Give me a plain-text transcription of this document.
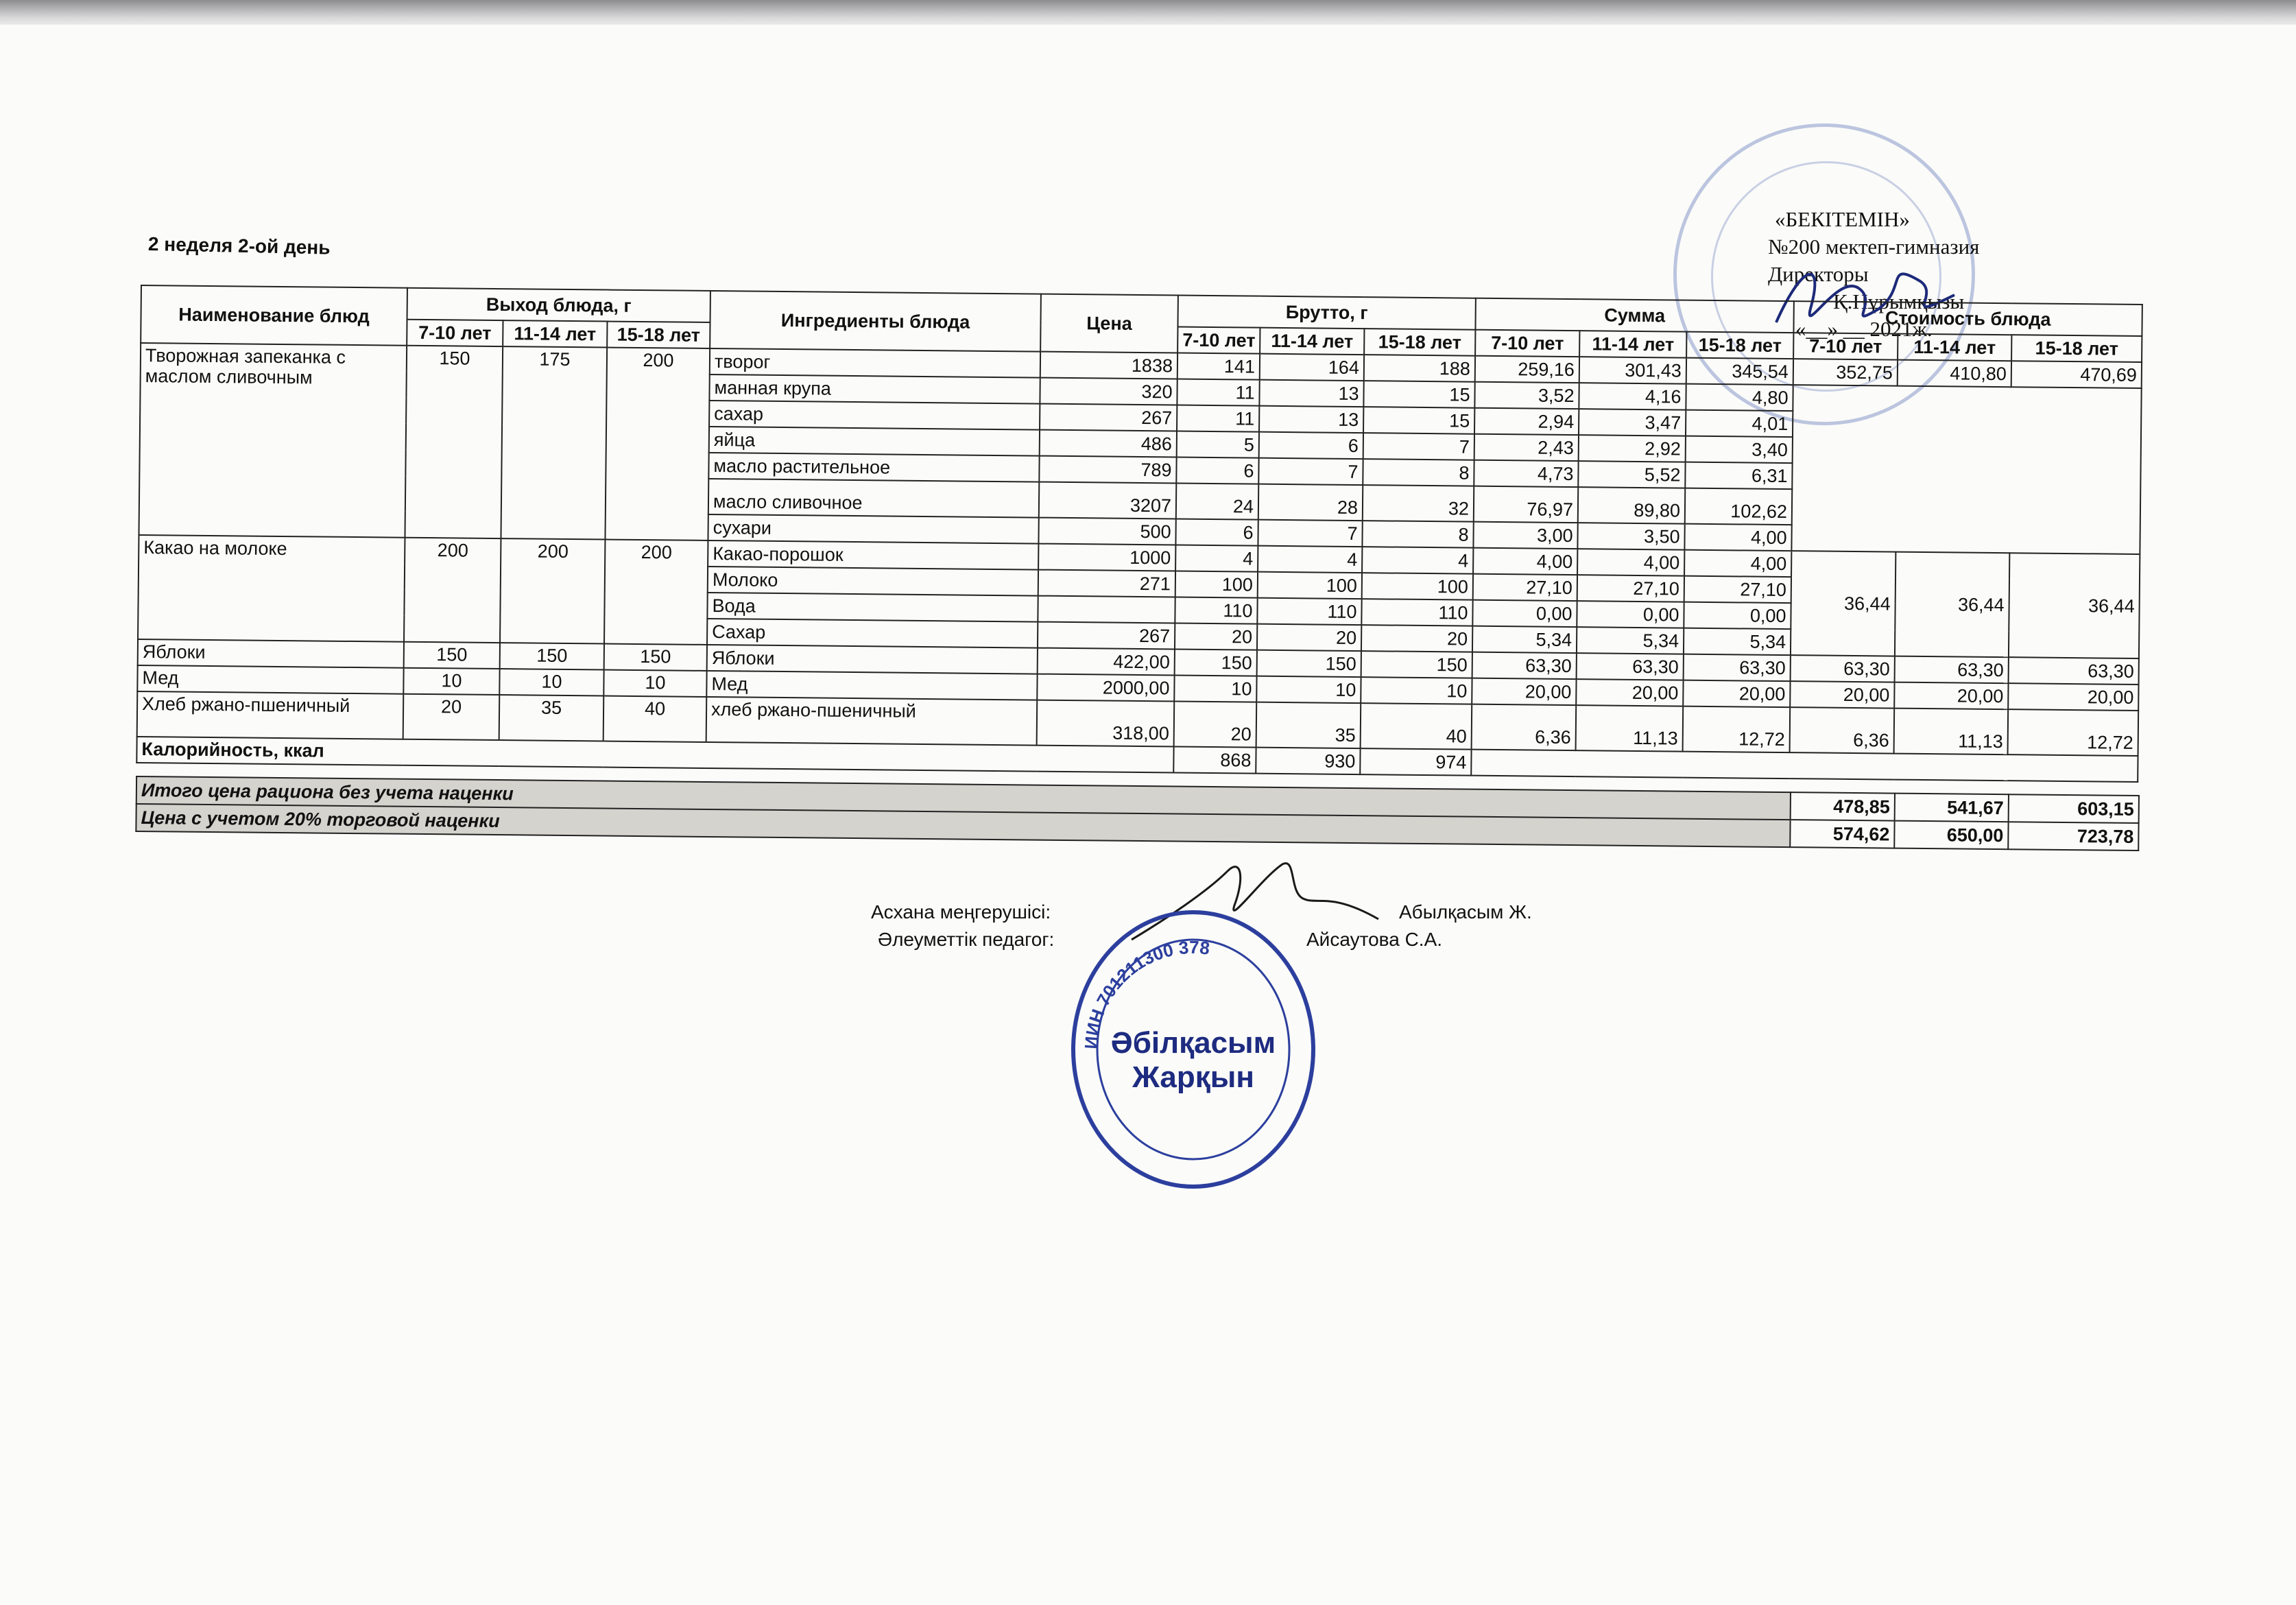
«БЕКІТЕМІН»
№200 мектеп-гимназия
Директоры
Қ.Нұрымқызы
«__» __ 2021ж.
2 неделя 2-ой день
Наименование блюд	Выход блюда, г			Ингредиенты блюда	Цена	Брутто, г			Сумма			Стоимость блюда		
	7-10 лет	11-14 лет	15-18 лет			7-10 лет	11-14 лет	15-18 лет	7-10 лет	11-14 лет	15-18 лет	7-10 лет	11-14 лет	15-18 лет
Творожная запеканка с маслом сливочным	150	175	200	творог	1838	141	164	188	259,16	301,43	345,54	352,75	410,80	470,69
				манная крупа	320	11	13	15	3,52	4,16	4,80			
				сахар	267	11	13	15	2,94	3,47	4,01			
				яйца	486	5	6	7	2,43	2,92	3,40			
				масло растительное	789	6	7	8	4,73	5,52	6,31			
				масло сливочное	3207	24	28	32	76,97	89,80	102,62			
				сухари	500	6	7	8	3,00	3,50	4,00			
Какао на молоке	200	200	200	Какао-порошок	1000	4	4	4	4,00	4,00	4,00	36,44	36,44	36,44
				Молоко	271	100	100	100	27,10	27,10	27,10			
				Вода		110	110	110	0,00	0,00	0,00			
				Сахар	267	20	20	20	5,34	5,34	5,34			
Яблоки	150	150	150	Яблоки	422,00	150	150	150	63,30	63,30	63,30	63,30	63,30	63,30
Мед	10	10	10	Мед	2000,00	10	10	10	20,00	20,00	20,00	20,00	20,00	20,00
Хлеб ржано-пшеничный	20	35	40	хлеб ржано-пшеничный	318,00	20	35	40	6,36	11,13	12,72	6,36	11,13	12,72
Калорийность, ккал						868	930	974						
Итого цена рациона без учета наценки	478,85	541,67	603,15
Цена с учетом 20% торговой наценки	574,62	650,00	723,78
Асхана меңгерушісі:	Абылқасым Ж.
Әлеуметтік педагог:	Айсаутова С.А.
ИИН 701211300 378
Әбілқасым
Жарқын
